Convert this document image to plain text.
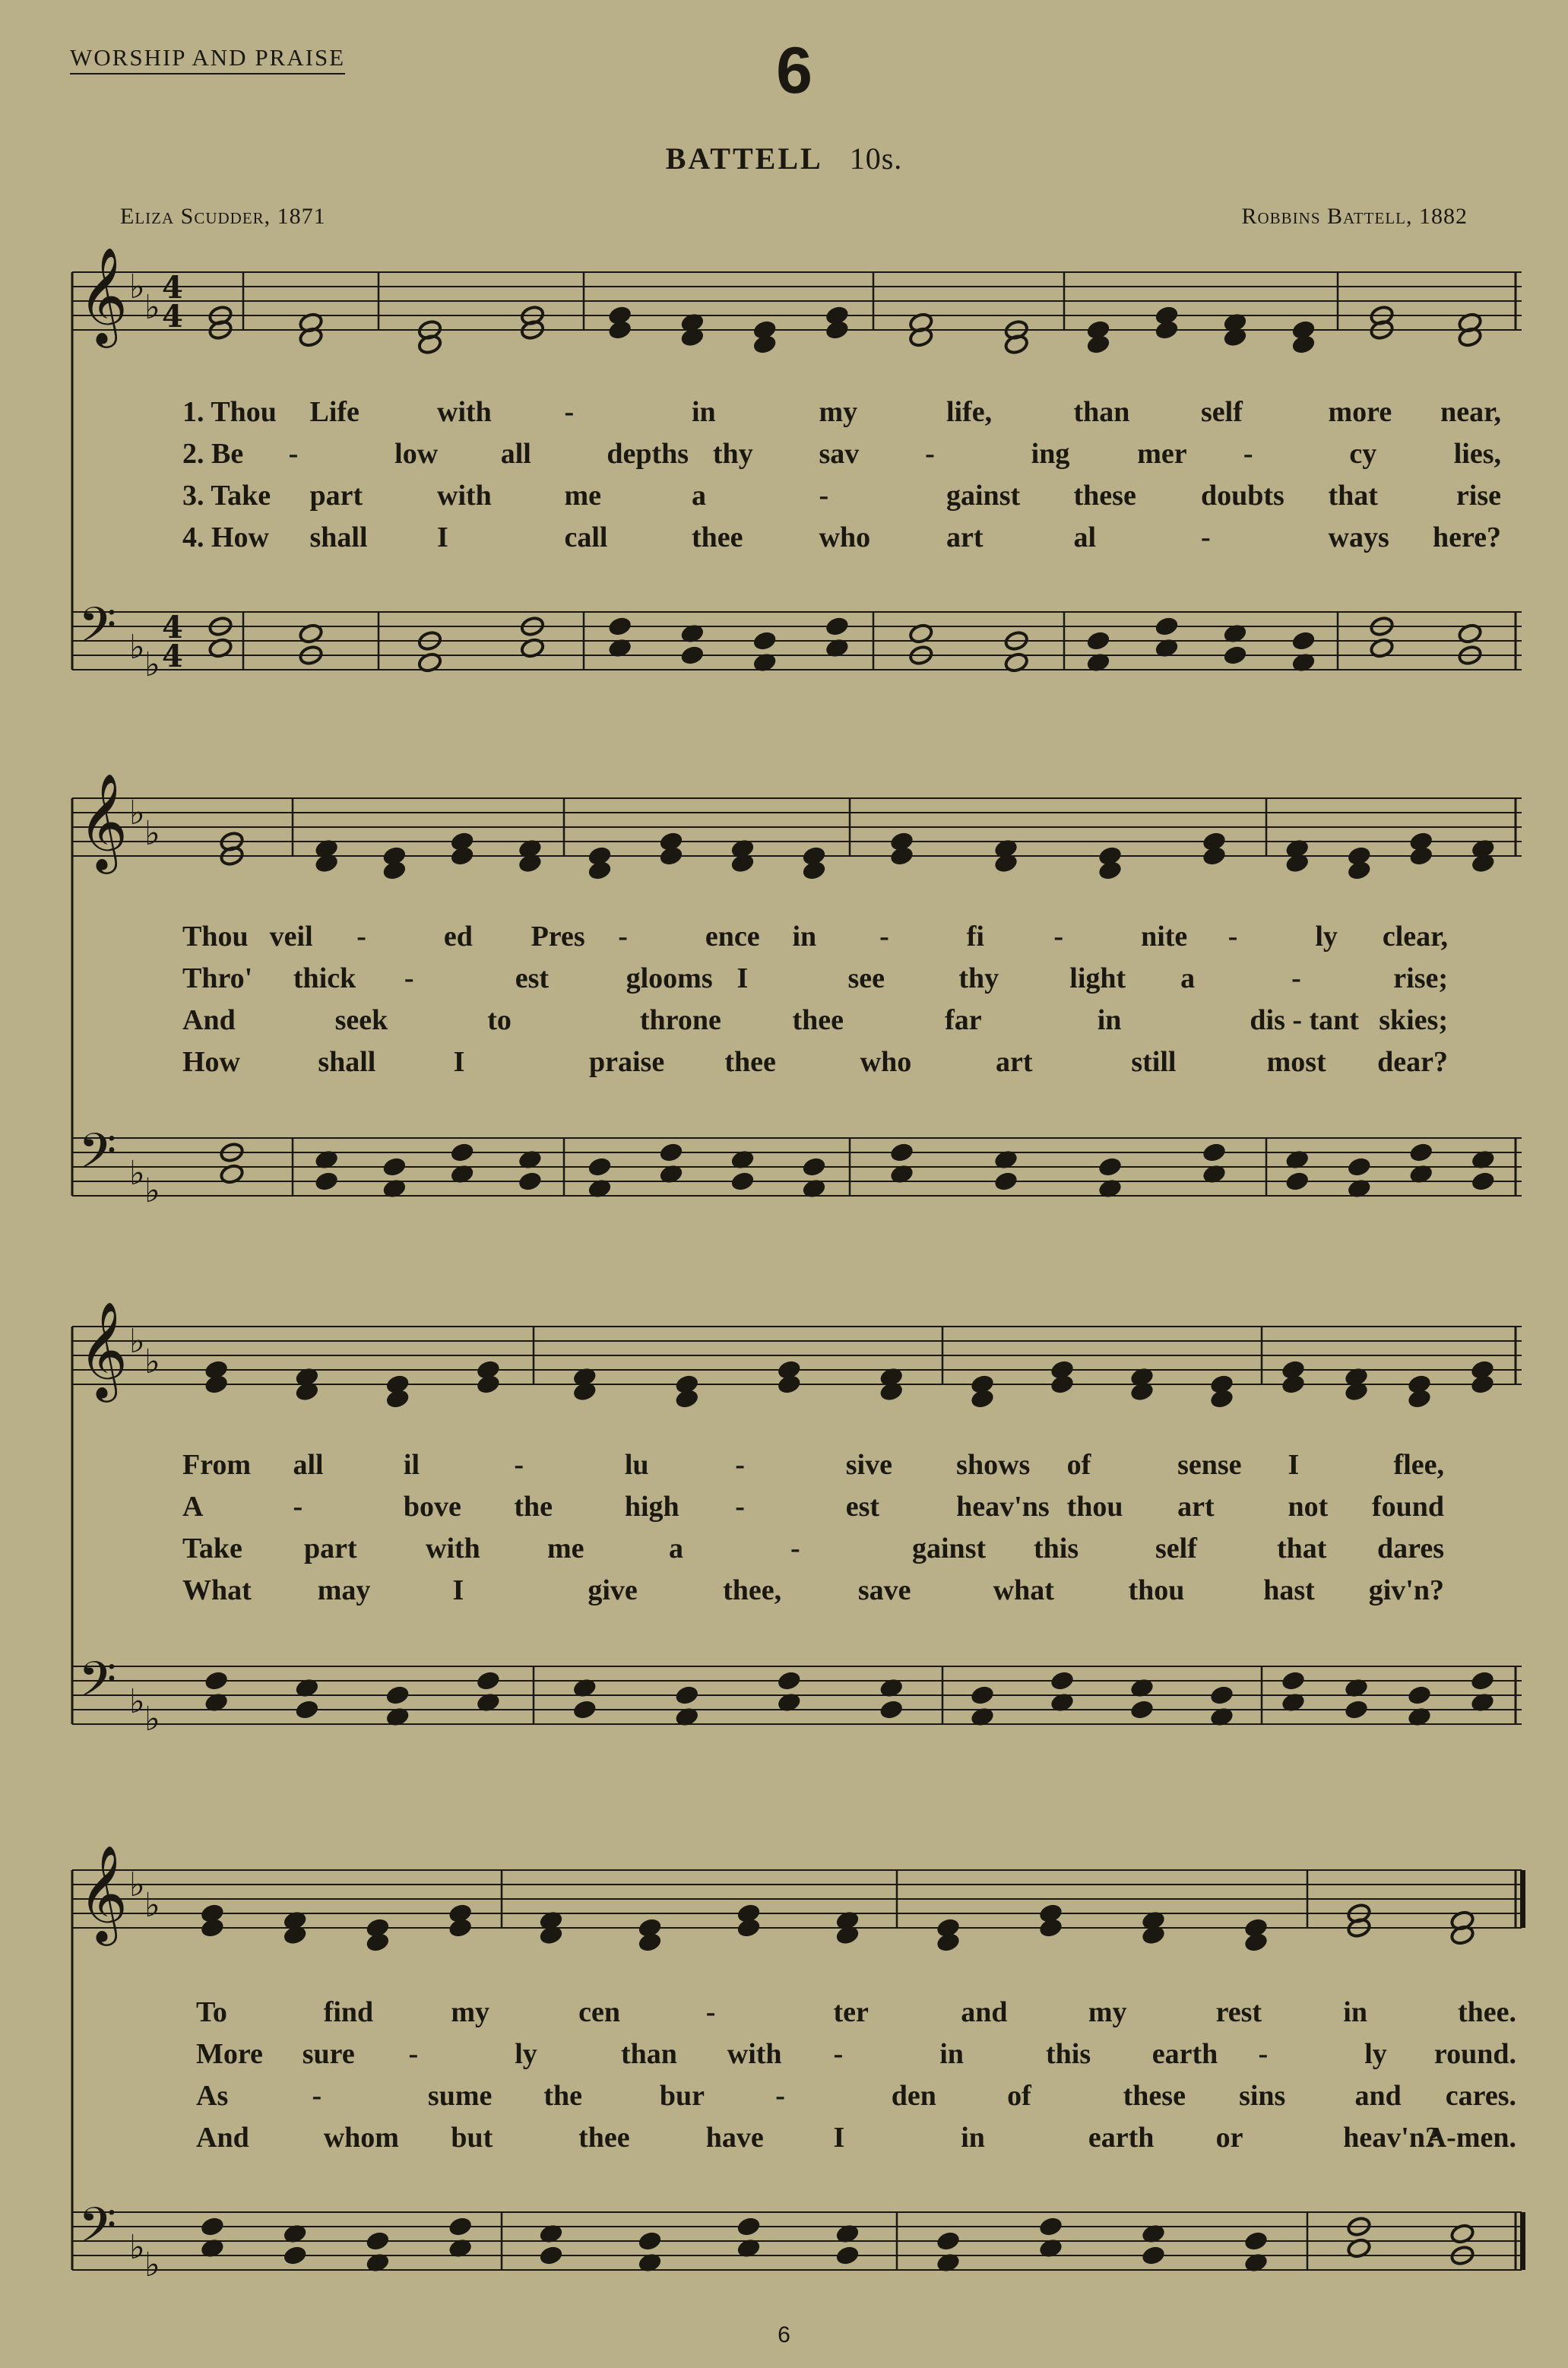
WORSHIP AND PRAISE	6
BATTELL 10s.
Eliza Scudder, 1871	Robbins Battell, 1882
𝄞 ♭
♭
𝄢 ♭ ♭
4
4
4
4
1. Thou Life	with	-	in	my	life,	than self	more near,
2. Be -	low all	depths thy sav -	ing mer -	cy	lies,
3. Take part	with	me	a	-	gainst these doubts that	rise
4. How shall I	call	thee	who	art	al	-	ways here?
𝄞 ♭
♭
𝄢 ♭ ♭
Thou veil -	ed Pres -	ence in -	fi -	nite -	ly clear,
Thro' thick -	est	glooms I	see	thy light a	-	rise;
And	seek	to	throne thee	far	in	dis - tant skies;
How	shall	I	praise thee	who	art	still	most dear?
𝄞 ♭
♭
𝄢 ♭ ♭
From all	il	-	lu	-	sive shows of	sense I	flee,
A	-	bove the high -	est	heav'ns thou art	not found
Take part with me	a	-	gainst this	self	that dares
What may	I	give	thee,	save	what	thou	hast giv'n?
𝄞 ♭
♭
𝄢 ♭ ♭
To	find	my	cen	-	ter	and	my	rest	in	thee.
More sure -	ly	than with -	in	this earth -	ly round.
As	-	sume the	bur -	den of	these sins and cares.
And	whom but	thee	have I	in	earth or	heav'n?
A-men.
6
